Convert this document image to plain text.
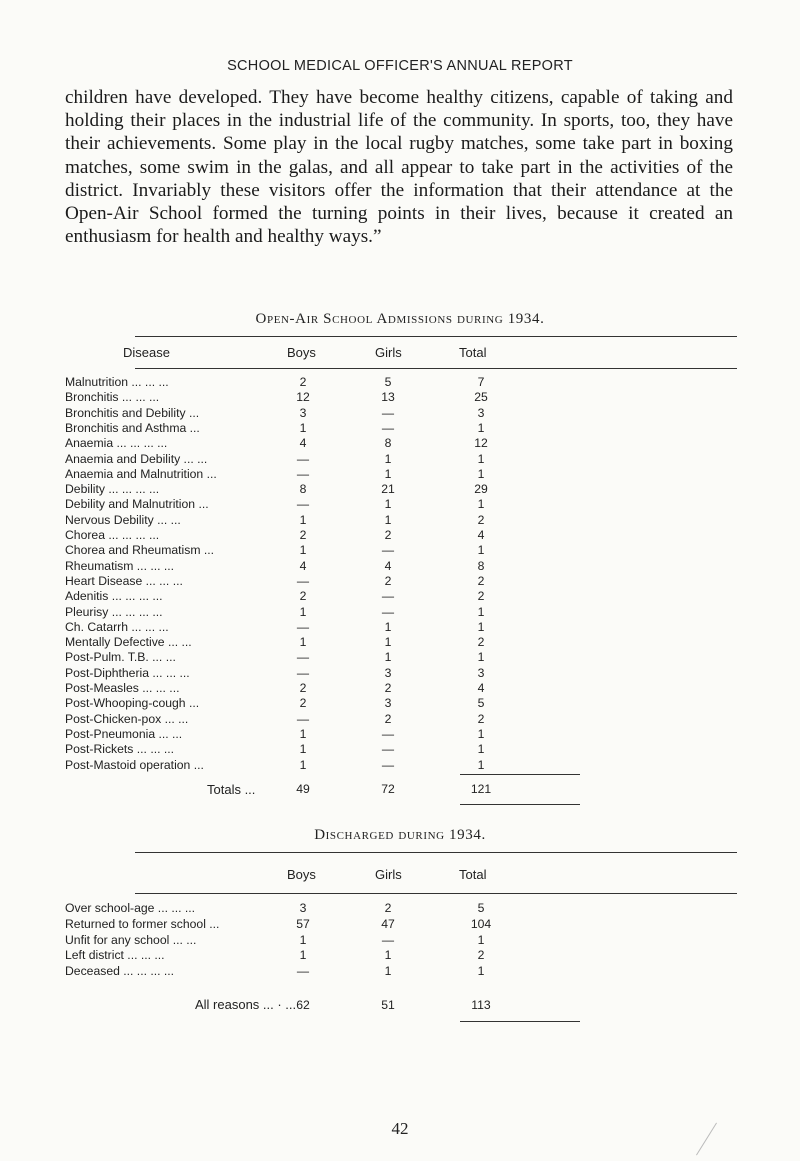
SCHOOL MEDICAL OFFICER'S ANNUAL REPORT
children have developed. They have become healthy citizens, capable of taking and holding their places in the industrial life of the community. In sports, too, they have their achievements. Some play in the local rugby matches, some take part in boxing matches, some swim in the galas, and all appear to take part in the activities of the district. Invariably these visitors offer the information that their attendance at the Open-Air School formed the turning points in their lives, because it created an enthusiasm for health and healthy ways.”
Open-Air School Admissions during 1934.
Disease	Boys	Girls	Total
Malnutrition ... ... ...	2	5	7
Bronchitis ... ... ...	12	13	25
Bronchitis and Debility ...	3	—	3
Bronchitis and Asthma ...	1	—	1
Anaemia ... ... ... ...	4	8	12
Anaemia and Debility ... ...	—	1	1
Anaemia and Malnutrition ...	—	1	1
Debility ... ... ... ...	8	21	29
Debility and Malnutrition ...	—	1	1
Nervous Debility ... ...	1	1	2
Chorea ... ... ... ...	2	2	4
Chorea and Rheumatism ...	1	—	1
Rheumatism ... ... ...	4	4	8
Heart Disease ... ... ...	—	2	2
Adenitis ... ... ... ...	2	—	2
Pleurisy ... ... ... ...	1	—	1
Ch. Catarrh ... ... ...	—	1	1
Mentally Defective ... ...	1	1	2
Post-Pulm. T.B. ... ...	—	1	1
Post-Diphtheria ... ... ...	—	3	3
Post-Measles ... ... ...	2	2	4
Post-Whooping-cough ...	2	3	5
Post-Chicken-pox ... ...	—	2	2
Post-Pneumonia ... ...	1	—	1
Post-Rickets ... ... ...	1	—	1
Post-Mastoid operation ...	1	—	1
Totals ...	49	72	121
Discharged during 1934.
Boys	Girls	Total
Over school-age ... ... ...	3	2	5
Returned to former school ...	57	47	104
Unfit for any school ... ...	1	—	1
Left district ... ... ...	1	1	2
Deceased ... ... ... ...	—	1	1
All reasons ... · ... 62	51	113
42
